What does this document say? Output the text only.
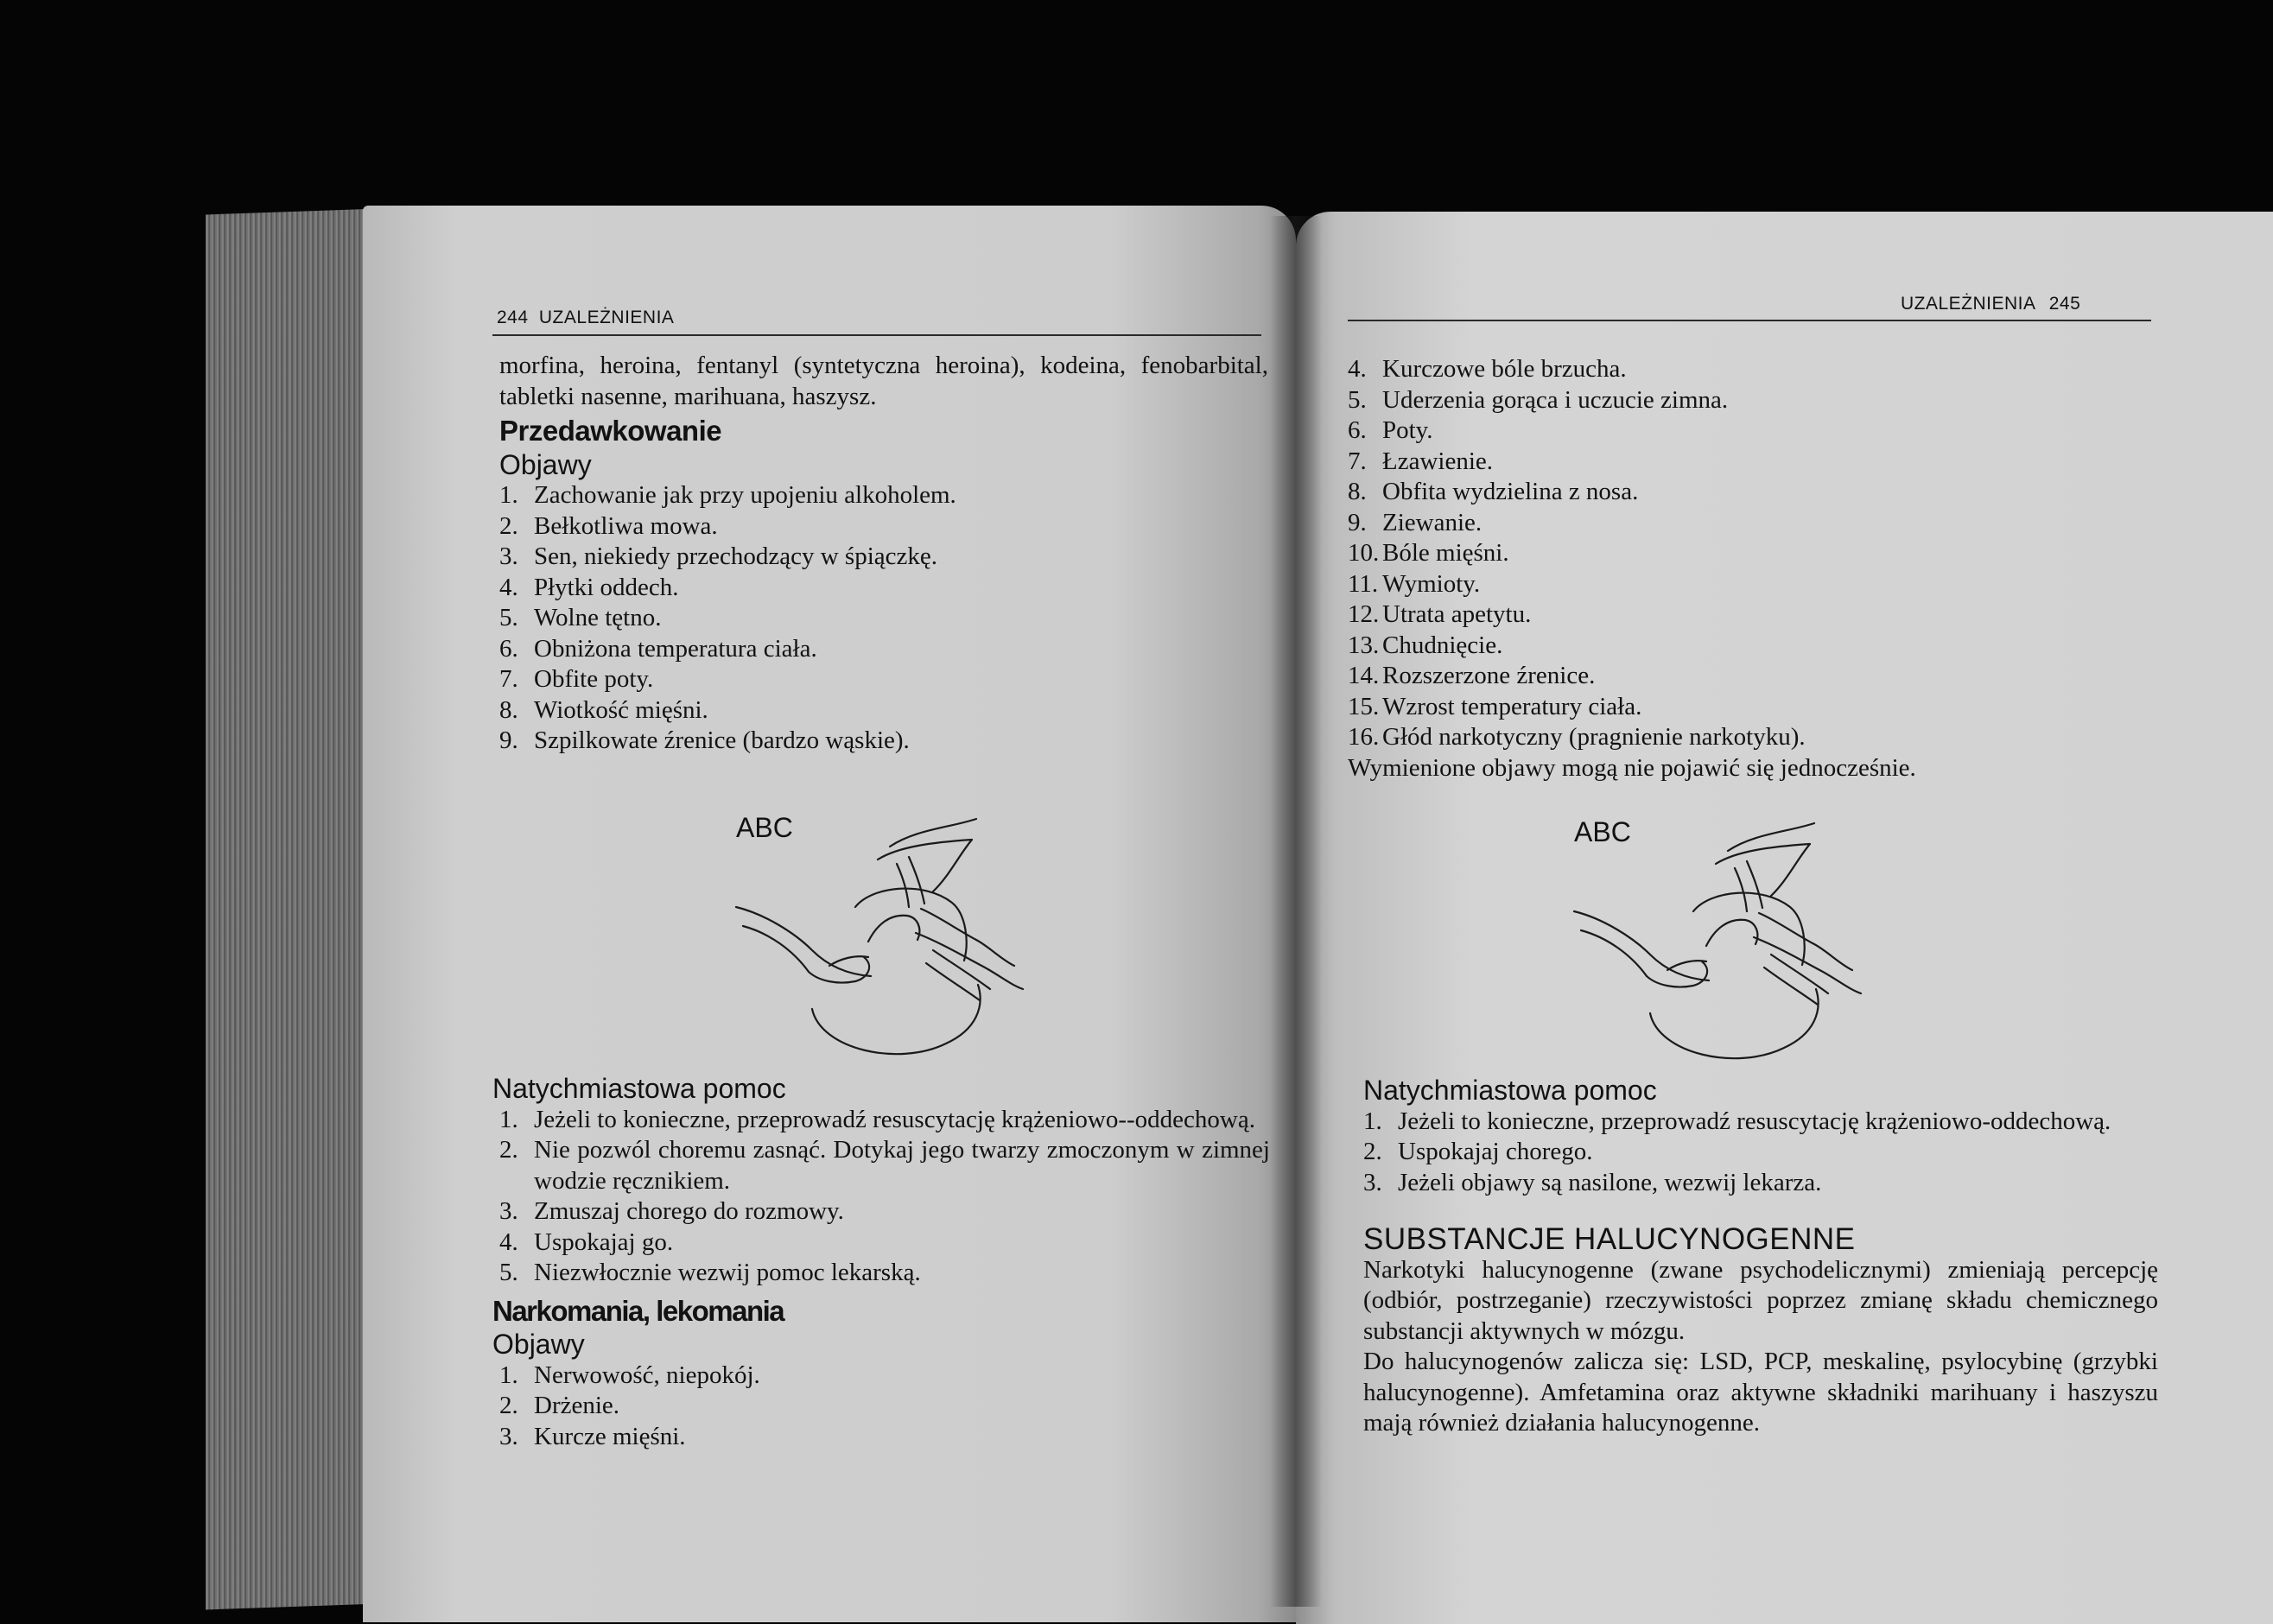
244 UZALEŻNIENIA

morfina, heroina, fentanyl (syntetyczna heroina), kodeina, fenobarbital, tabletki nasenne, marihuana, haszysz.

Przedawkowanie
Objawy
1. Zachowanie jak przy upojeniu alkoholem.
2. Bełkotliwa mowa.
3. Sen, niekiedy przechodzący w śpiączkę.
4. Płytki oddech.
5. Wolne tętno.
6. Obniżona temperatura ciała.
7. Obfite poty.
8. Wiotkość mięśni.
9. Szpilkowate źrenice (bardzo wąskie).
ABC
Natychmiastowa pomoc
1. Jeżeli to konieczne, przeprowadź resuscytację krążeniowo--oddechową.
2. Nie pozwól choremu zasnąć. Dotykaj jego twarzy zmoczonym w zimnej wodzie ręcznikiem.
3. Zmuszaj chorego do rozmowy.
4. Uspokajaj go.
5. Niezwłocznie wezwij pomoc lekarską.
Narkomania, lekomania
Objawy
1. Nerwowość, niepokój.
2. Drżenie.
3. Kurcze mięśni.
UZALEŻNIENIA 245
4. Kurczowe bóle brzucha.
5. Uderzenia gorąca i uczucie zimna.
6. Poty.
7. Łzawienie.
8. Obfita wydzielina z nosa.
9. Ziewanie.
10. Bóle mięśni.
11. Wymioty.
12. Utrata apetytu.
13. Chudnięcie.
14. Rozszerzone źrenice.
15. Wzrost temperatury ciała.
16. Głód narkotyczny (pragnienie narkotyku).

Wymienione objawy mogą nie pojawić się jednocześnie.

ABC
Natychmiastowa pomoc
1. Jeżeli to konieczne, przeprowadź resuscytację krążeniowo-oddechową.
2. Uspokajaj chorego.
3. Jeżeli objawy są nasilone, wezwij lekarza.
SUBSTANCJE HALUCYNOGENNE

Narkotyki halucynogenne (zwane psychodelicznymi) zmieniają percepcję (odbiór, postrzeganie) rzeczywistości poprzez zmianę składu chemicznego substancji aktywnych w mózgu.

Do halucynogenów zalicza się: LSD, PCP, meskalinę, psylocybinę (grzybki halucynogenne). Amfetamina oraz aktywne składniki marihuany i haszyszu mają również działania halucynogenne.
